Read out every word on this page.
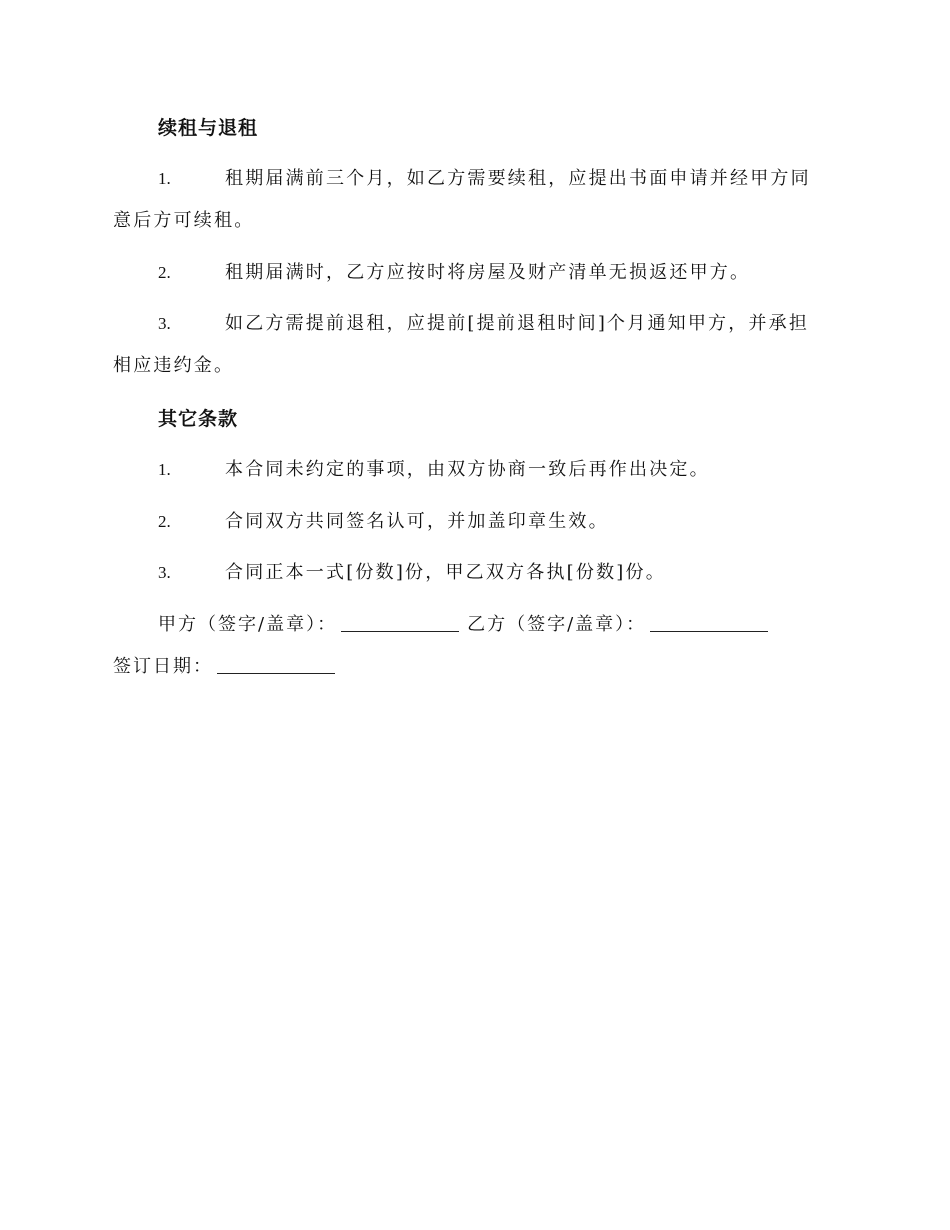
续租与退租
1.	租期届满前三个月，如乙方需要续租，应提出书面申请并经甲方同意后方可续租。
2.	租期届满时，乙方应按时将房屋及财产清单无损返还甲方。
3.	如乙方需提前退租，应提前[提前退租时间]个月通知甲方，并承担相应违约金。
其它条款
1.	本合同未约定的事项，由双方协商一致后再作出决定。
2.	合同双方共同签名认可，并加盖印章生效。
3.	合同正本一式[份数]份，甲乙双方各执[份数]份。
甲方（签字/盖章）：	乙方（签字/盖章）：
签订日期：
